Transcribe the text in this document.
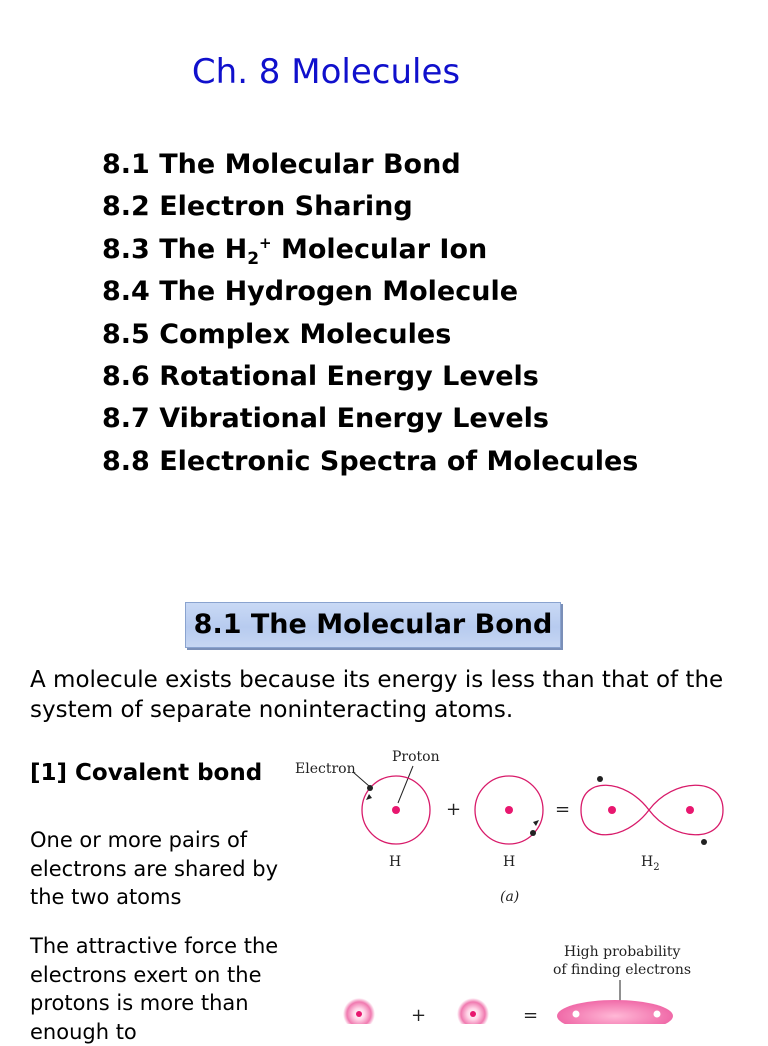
Ch. 8 Molecules
8.1 The Molecular Bond
8.2 Electron Sharing
8.3 The $H_2^+$ Molecular Ion
8.4 The Hydrogen Molecule
8.5 Complex Molecules
8.6 Rotational Energy Levels
8.7 Vibrational Energy Levels
8.8 Electronic Spectra of Molecules
8.1 The Molecular Bond

A molecule exists because its energy is less than that of the system of separate noninteracting atoms.

[1] Covalent bond

One or more pairs of electrons are shared by the two atoms

The attractive force the electrons exert on the protons is more than enough to

Electron
Proton
+	=
H	H	$H_2$
(a)
High probability
of finding electrons
+	=
